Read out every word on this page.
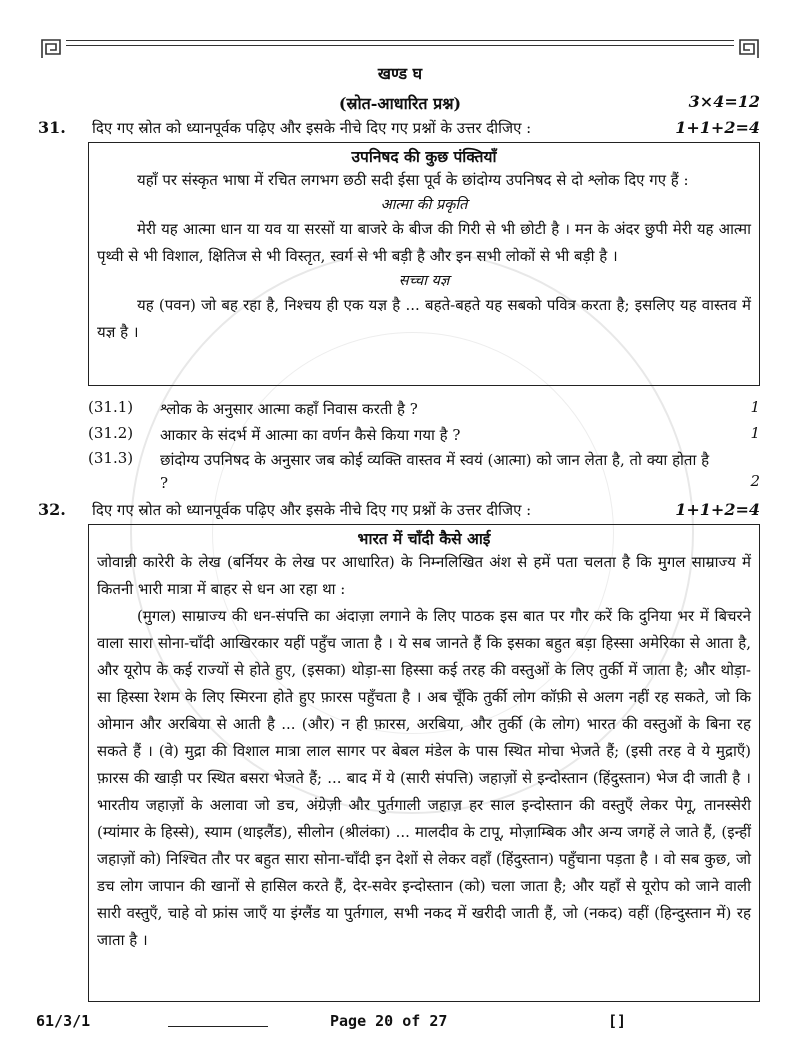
खण्ड घ
(स्रोत-आधारित प्रश्न)	3×4=12
31. दिए गए स्रोत को ध्यानपूर्वक पढ़िए और इसके नीचे दिए गए प्रश्नों के उत्तर दीजिए :	1+1+2=4
उपनिषद की कुछ पंक्तियाँ

यहाँ पर संस्कृत भाषा में रचित लगभग छठी सदी ईसा पूर्व के छांदोग्य उपनिषद से दो श्लोक दिए गए हैं :

आत्मा की प्रकृति

मेरी यह आत्मा धान या यव या सरसों या बाजरे के बीज की गिरी से भी छोटी है । मन के अंदर छुपी मेरी यह आत्मा पृथ्वी से भी विशाल, क्षितिज से भी विस्तृत, स्वर्ग से भी बड़ी है और इन सभी लोकों से भी बड़ी है ।

सच्चा यज्ञ

यह (पवन) जो बह रहा है, निश्चय ही एक यज्ञ है ... बहते-बहते यह सबको पवित्र करता है; इसलिए यह वास्तव में यज्ञ है ।

(31.1) श्लोक के अनुसार आत्मा कहाँ निवास करती है ?	1
(31.2) आकार के संदर्भ में आत्मा का वर्णन कैसे किया गया है ?	1
(31.3) छांदोग्य उपनिषद के अनुसार जब कोई व्यक्ति वास्तव में स्वयं (आत्मा) को जान लेता है, तो क्या होता है ?	2
32. दिए गए स्रोत को ध्यानपूर्वक पढ़िए और इसके नीचे दिए गए प्रश्नों के उत्तर दीजिए :	1+1+2=4
भारत में चाँदी कैसे आई

जोवान्नी कारेरी के लेख (बर्नियर के लेख पर आधारित) के निम्नलिखित अंश से हमें पता चलता है कि मुगल साम्राज्य में कितनी भारी मात्रा में बाहर से धन आ रहा था :

(मुगल) साम्राज्य की धन-संपत्ति का अंदाज़ा लगाने के लिए पाठक इस बात पर गौर करें कि दुनिया भर में बिचरने वाला सारा सोना-चाँदी आखिरकार यहीं पहुँच जाता है । ये सब जानते हैं कि इसका बहुत बड़ा हिस्सा अमेरिका से आता है, और यूरोप के कई राज्यों से होते हुए, (इसका) थोड़ा-सा हिस्सा कई तरह की वस्तुओं के लिए तुर्की में जाता है; और थोड़ा-सा हिस्सा रेशम के लिए स्मिरना होते हुए फ़ारस पहुँचता है । अब चूँकि तुर्की लोग कॉफ़ी से अलग नहीं रह सकते, जो कि ओमान और अरबिया से आती है ... (और) न ही फ़ारस, अरबिया, और तुर्की (के लोग) भारत की वस्तुओं के बिना रह सकते हैं । (वे) मुद्रा की विशाल मात्रा लाल सागर पर बेबल मंडेल के पास स्थित मोचा भेजते हैं; (इसी तरह वे ये मुद्राएँ) फ़ारस की खाड़ी पर स्थित बसरा भेजते हैं; ... बाद में ये (सारी संपत्ति) जहाज़ों से इन्दोस्तान (हिंदुस्तान) भेज दी जाती है । भारतीय जहाज़ों के अलावा जो डच, अंग्रेज़ी और पुर्तगाली जहाज़ हर साल इन्दोस्तान की वस्तुएँ लेकर पेगू, तानस्सेरी (म्यांमार के हिस्से), स्याम (थाइलैंड), सीलोन (श्रीलंका) ... मालदीव के टापू, मोज़ाम्बिक और अन्य जगहें ले जाते हैं, (इन्हीं जहाज़ों को) निश्चित तौर पर बहुत सारा सोना-चाँदी इन देशों से लेकर वहाँ (हिंदुस्तान) पहुँचाना पड़ता है । वो सब कुछ, जो डच लोग जापान की खानों से हासिल करते हैं, देर-सवेर इन्दोस्तान (को) चला जाता है; और यहाँ से यूरोप को जाने वाली सारी वस्तुएँ, चाहे वो फ्रांस जाएँ या इंग्लैंड या पुर्तगाल, सभी नकद में खरीदी जाती हैं, जो (नकद) वहीं (हिन्दुस्तान में) रह जाता है ।

61/3/1	Page 20 of 27	[]
